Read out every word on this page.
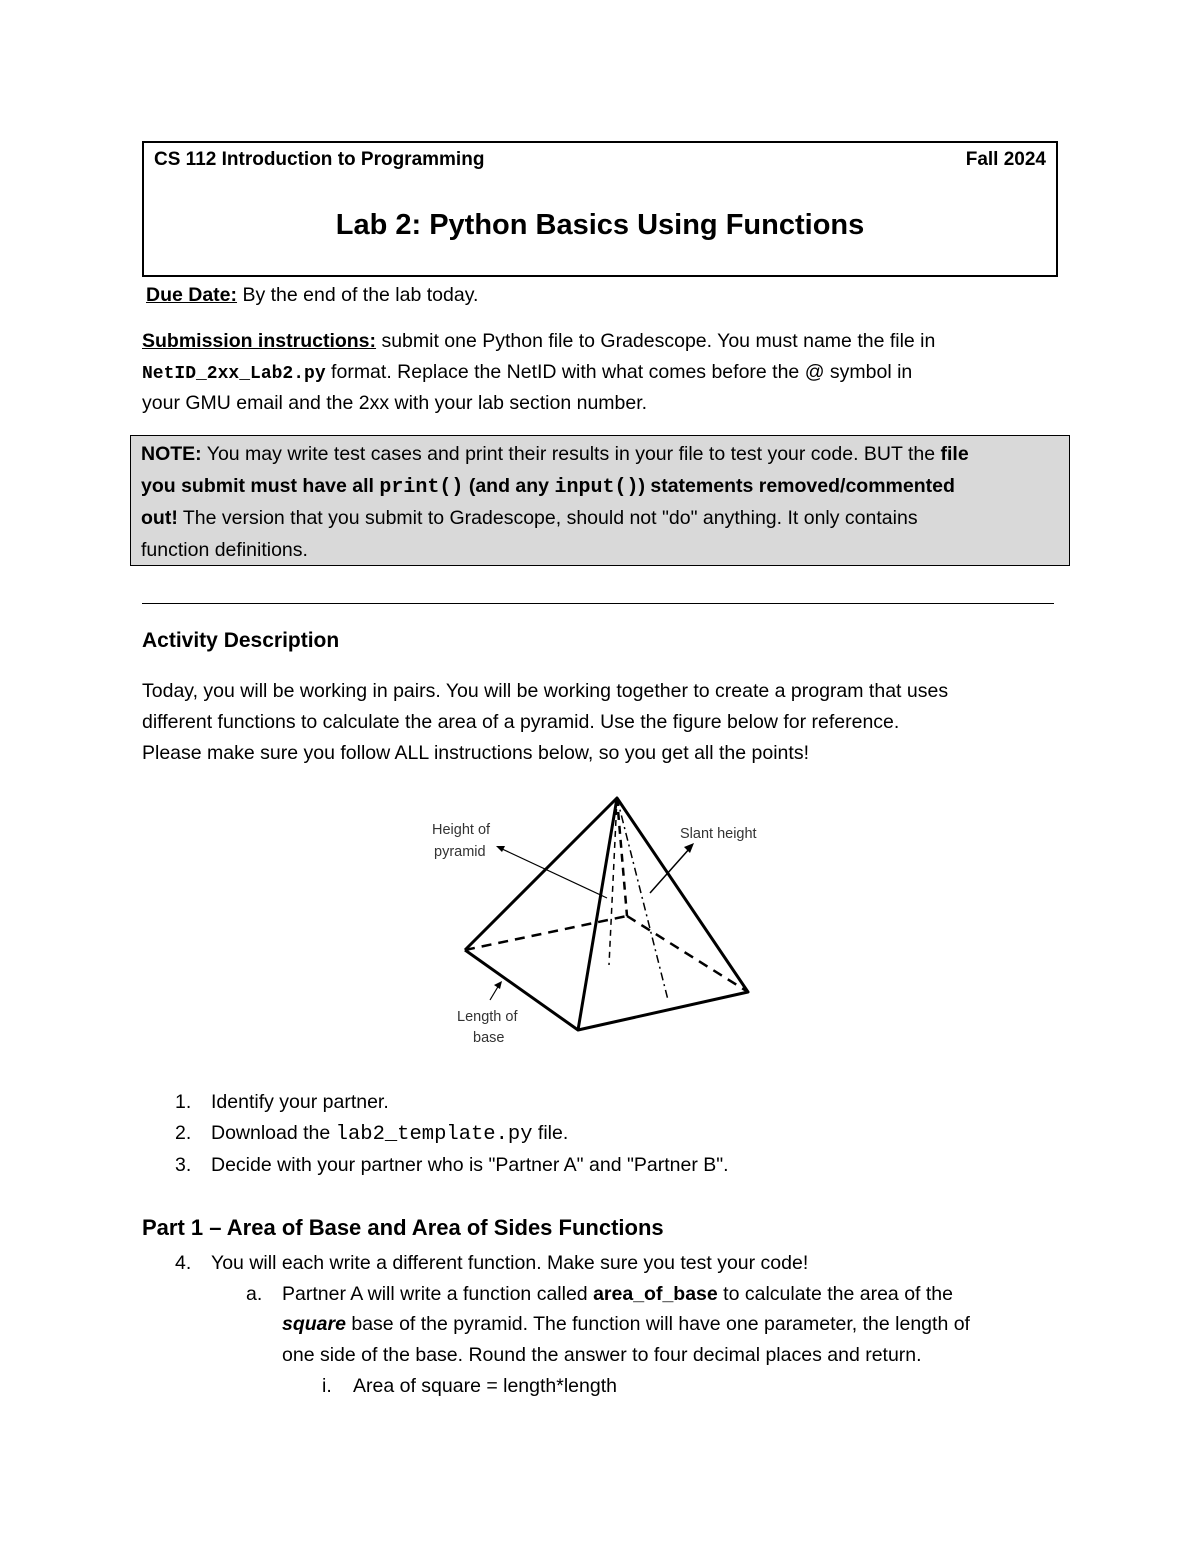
CS 112 Introduction to Programming	Fall 2024
Lab 2: Python Basics Using Functions
Due Date: By the end of the lab today.
Submission instructions: submit one Python file to Gradescope. You must name the file in
NetID_2xx_Lab2.py format. Replace the NetID with what comes before the @ symbol in
your GMU email and the 2xx with your lab section number.
NOTE: You may write test cases and print their results in your file to test your code. BUT the file
you submit must have all print() (and any input()) statements removed/commented
out! The version that you submit to Gradescope, should not "do" anything. It only contains
function definitions.
Activity Description
Today, you will be working in pairs. You will be working together to create a program that uses
different functions to calculate the area of a pyramid. Use the figure below for reference.
Please make sure you follow ALL instructions below, so you get all the points!
Height of
pyramid
Slant height
Length of
base
1. Identify your partner.
2. Download the lab2_template.py file.
3. Decide with your partner who is "Partner A" and "Partner B".
Part 1 – Area of Base and Area of Sides Functions
4. You will each write a different function. Make sure you test your code!
a. Partner A will write a function called area_of_base to calculate the area of the
square base of the pyramid. The function will have one parameter, the length of
one side of the base. Round the answer to four decimal places and return.
i. Area of square = length*length
